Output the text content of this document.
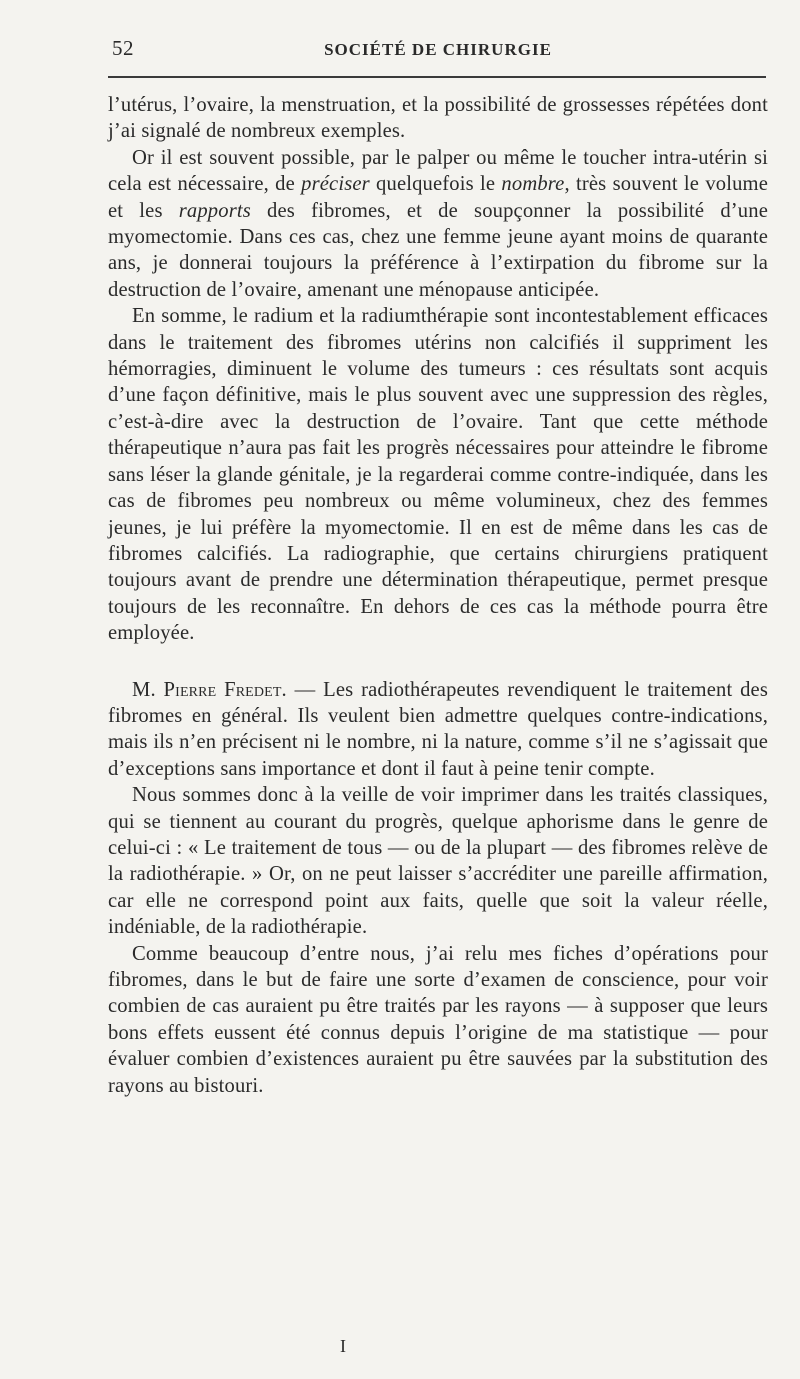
52	SOCIÉTÉ DE CHIRURGIE

l’utérus, l’ovaire, la menstruation, et la possibilité de grossesses répétées dont j’ai signalé de nombreux exemples.

Or il est souvent possible, par le palper ou même le toucher intra-utérin si cela est nécessaire, de préciser quelquefois le nombre, très souvent le volume et les rapports des fibromes, et de soupçonner la possibilité d’une myomectomie. Dans ces cas, chez une femme jeune ayant moins de quarante ans, je donnerai toujours la préférence à l’extirpation du fibrome sur la destruction de l’ovaire, amenant une ménopause anticipée.

En somme, le radium et la radiumthérapie sont incontestablement efficaces dans le traitement des fibromes utérins non calcifiés il suppriment les hémorragies, diminuent le volume des tumeurs : ces résultats sont acquis d’une façon définitive, mais le plus souvent avec une suppression des règles, c’est-à-dire avec la destruction de l’ovaire. Tant que cette méthode thérapeutique n’aura pas fait les progrès nécessaires pour atteindre le fibrome sans léser la glande génitale, je la regarderai comme contre-indiquée, dans les cas de fibromes peu nombreux ou même volumineux, chez des femmes jeunes, je lui préfère la myomectomie. Il en est de même dans les cas de fibromes calcifiés. La radiographie, que certains chirurgiens pratiquent toujours avant de prendre une détermination thérapeutique, permet presque toujours de les reconnaître. En dehors de ces cas la méthode pourra être employée.

M. Pierre Fredet. — Les radiothérapeutes revendiquent le traitement des fibromes en général. Ils veulent bien admettre quelques contre-indications, mais ils n’en précisent ni le nombre, ni la nature, comme s’il ne s’agissait que d’exceptions sans importance et dont il faut à peine tenir compte.

Nous sommes donc à la veille de voir imprimer dans les traités classiques, qui se tiennent au courant du progrès, quelque aphorisme dans le genre de celui-ci : « Le traitement de tous — ou de la plupart — des fibromes relève de la radiothérapie. » Or, on ne peut laisser s’accréditer une pareille affirmation, car elle ne correspond point aux faits, quelle que soit la valeur réelle, indéniable, de la radiothérapie.

Comme beaucoup d’entre nous, j’ai relu mes fiches d’opérations pour fibromes, dans le but de faire une sorte d’examen de conscience, pour voir combien de cas auraient pu être traités par les rayons — à supposer que leurs bons effets eussent été connus depuis l’origine de ma statistique — pour évaluer combien d’existences auraient pu être sauvées par la substitution des rayons au bistouri.

I
